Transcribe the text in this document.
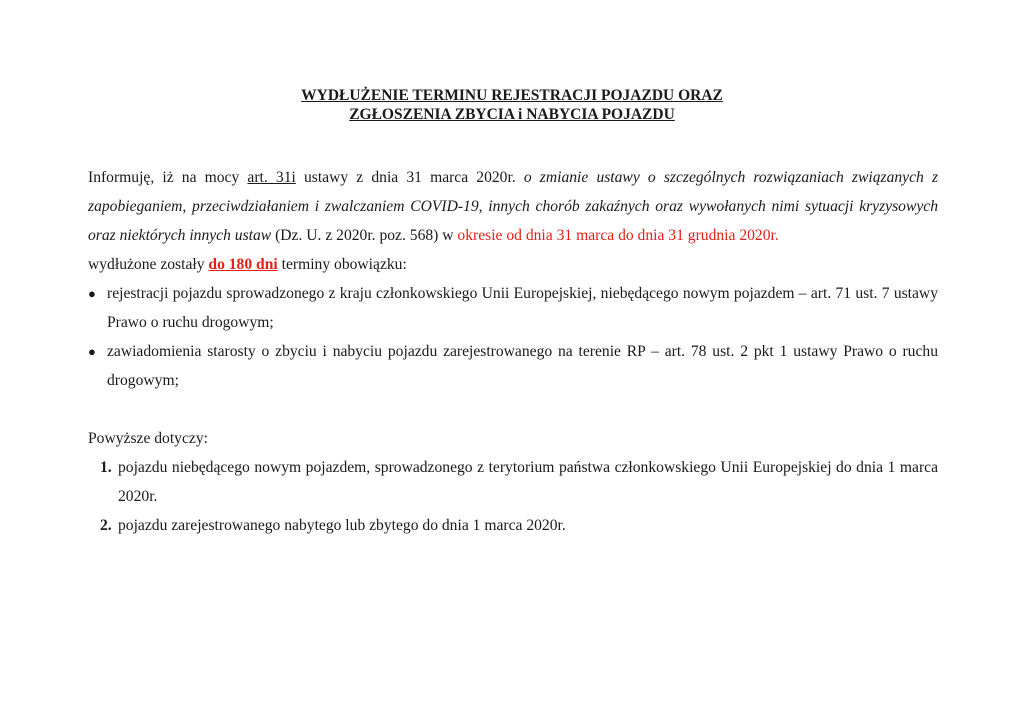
WYDŁUŻENIE TERMINU REJESTRACJI POJAZDU ORAZ
ZGŁOSZENIA ZBYCIA i NABYCIA POJAZDU

Informuję, iż na mocy art. 31i ustawy z dnia 31 marca 2020r. o zmianie ustawy o szczególnych rozwiązaniach związanych z zapobieganiem, przeciwdziałaniem i zwalczaniem COVID-19, innych chorób zakaźnych oraz wywołanych nimi sytuacji kryzysowych oraz niektórych innych ustaw (Dz. U. z 2020r. poz. 568) w okresie od dnia 31 marca do dnia 31 grudnia 2020r.

wydłużone zostały do 180 dni terminy obowiązku:

● rejestracji pojazdu sprowadzonego z kraju członkowskiego Unii Europejskiej, niebędącego nowym pojazdem – art. 71 ust. 7 ustawy Prawo o ruchu drogowym;
● zawiadomienia starosty o zbyciu i nabyciu pojazdu zarejestrowanego na terenie RP – art. 78 ust. 2 pkt 1 ustawy Prawo o ruchu drogowym;
Powyższe dotyczy:
1. pojazdu niebędącego nowym pojazdem, sprowadzonego z terytorium państwa członkowskiego Unii Europejskiej do dnia 1 marca 2020r.
2. pojazdu zarejestrowanego nabytego lub zbytego do dnia 1 marca 2020r.
